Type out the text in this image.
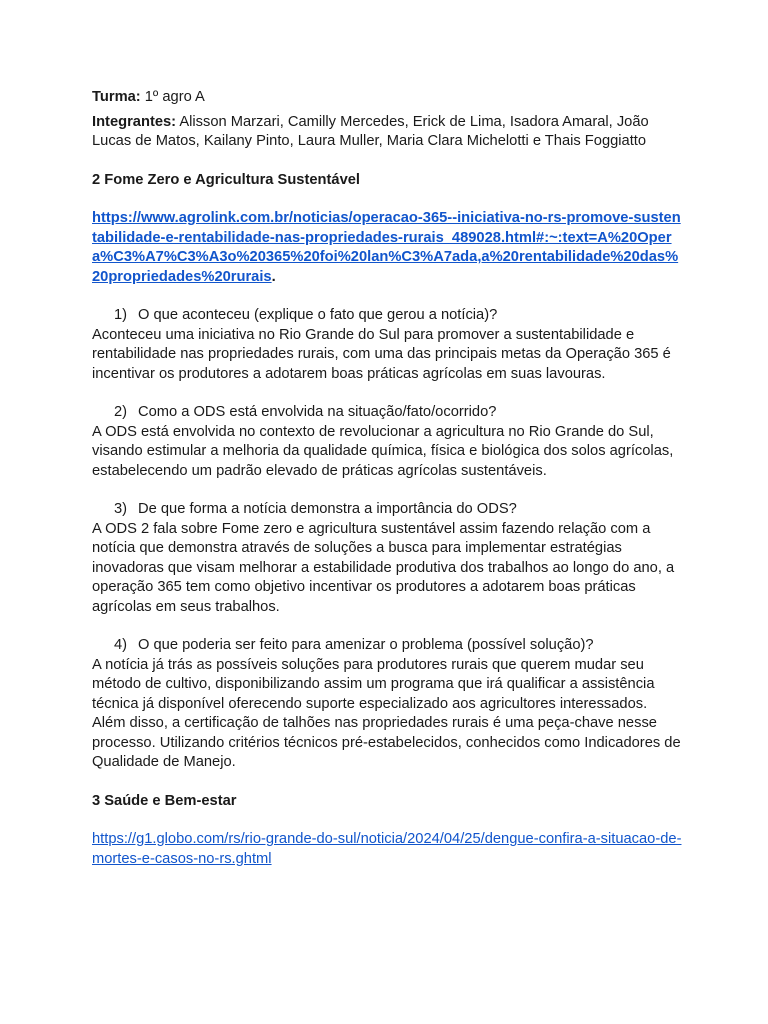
Turma: 1º agro A

Integrantes: Alisson Marzari, Camilly Mercedes, Erick de Lima, Isadora Amaral, João Lucas de Matos, Kailany Pinto, Laura Muller, Maria Clara Michelotti e Thais Foggiatto

2 Fome Zero e Agricultura Sustentável

https://www.agrolink.com.br/noticias/operacao-365--iniciativa-no-rs-promove-sustentabilidade-e-rentabilidade-nas-propriedades-rurais_489028.html#:~:text=A%20Opera%C3%A7%C3%A3o%20365%20foi%20lan%C3%A7ada,a%20rentabilidade%20das%20propriedades%20rurais.

1) O que aconteceu (explique o fato que gerou a notícia)?

Aconteceu uma iniciativa no Rio Grande do Sul para promover a sustentabilidade e rentabilidade nas propriedades rurais, com uma das principais metas da Operação 365 é incentivar os produtores a adotarem boas práticas agrícolas em suas lavouras.

2) Como a ODS está envolvida na situação/fato/ocorrido?

A ODS está envolvida no contexto de revolucionar a agricultura no Rio Grande do Sul, visando estimular a melhoria da qualidade química, física e biológica dos solos agrícolas, estabelecendo um padrão elevado de práticas agrícolas sustentáveis.

3) De que forma a notícia demonstra a importância do ODS?

A ODS 2 fala sobre Fome zero e agricultura sustentável assim fazendo relação com a notícia que demonstra através de soluções a busca para implementar estratégias inovadoras que visam melhorar a estabilidade produtiva dos trabalhos ao longo do ano, a operação 365 tem como objetivo incentivar os produtores a adotarem boas práticas agrícolas em seus trabalhos.

4) O que poderia ser feito para amenizar o problema (possível solução)?

A notícia já trás as possíveis soluções para produtores rurais que querem mudar seu método de cultivo, disponibilizando assim um programa que irá qualificar a assistência técnica já disponível oferecendo suporte especializado aos agricultores interessados. Além disso, a certificação de talhões nas propriedades rurais é uma peça-chave nesse processo. Utilizando critérios técnicos pré-estabelecidos, conhecidos como Indicadores de Qualidade de Manejo.

3 Saúde e Bem-estar

https://g1.globo.com/rs/rio-grande-do-sul/noticia/2024/04/25/dengue-confira-a-situacao-de-mortes-e-casos-no-rs.ghtml
